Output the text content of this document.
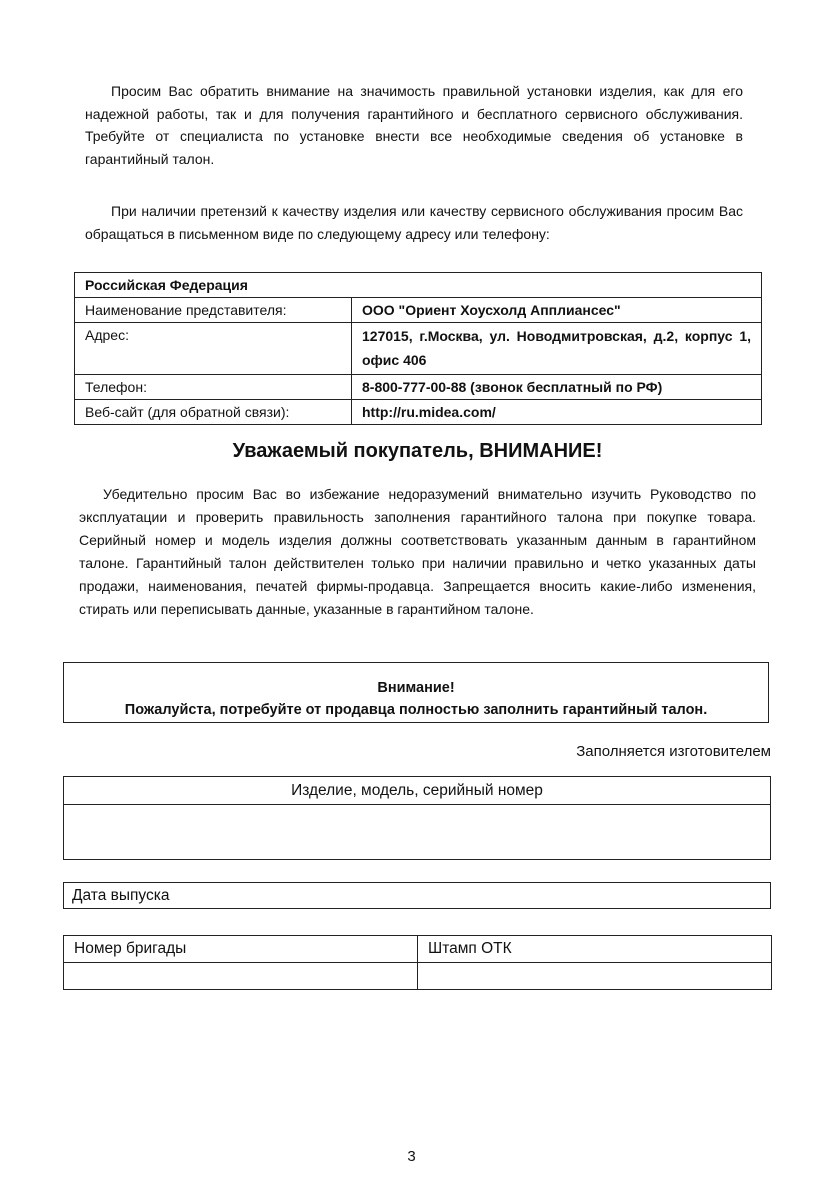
Просим Вас обратить внимание на значимость правильной установки изделия, как для его надежной работы, так и для получения гарантийного и бесплатного сервисного обслуживания. Требуйте от специалиста по установке внести все необходимые сведения об установке в гарантийный талон.
При наличии претензий к качеству изделия или качеству сервисного обслуживания просим Вас обращаться в письменном виде по следующему адресу или телефону:
Российская Федерация	
Наименование представителя:	ООО "Ориент Хоусхолд Апплиансес"
Адрес:	127015, г.Москва, ул. Новодмитровская, д.2, корпус 1, офис 406
Телефон:	8-800-777-00-88 (звонок бесплатный по РФ)
Веб-сайт (для обратной связи):	http://ru.midea.com/
Уважаемый покупатель, ВНИМАНИЕ!
Убедительно просим Вас во избежание недоразумений внимательно изучить Руководство по эксплуатации и проверить правильность заполнения гарантийного талона при покупке товара. Серийный номер и модель изделия должны соответствовать указанным данным в гарантийном талоне. Гарантийный талон действителен только при наличии правильно и четко указанных даты продажи, наименования, печатей фирмы-продавца. Запрещается вносить какие-либо изменения, стирать или переписывать данные, указанные в гарантийном талоне.
Внимание!
Пожалуйста, потребуйте от продавца полностью заполнить гарантийный талон.
Заполняется изготовителем
Изделие, модель, серийный номер
Дата выпуска
Номер бригады	Штамп ОТК

3
